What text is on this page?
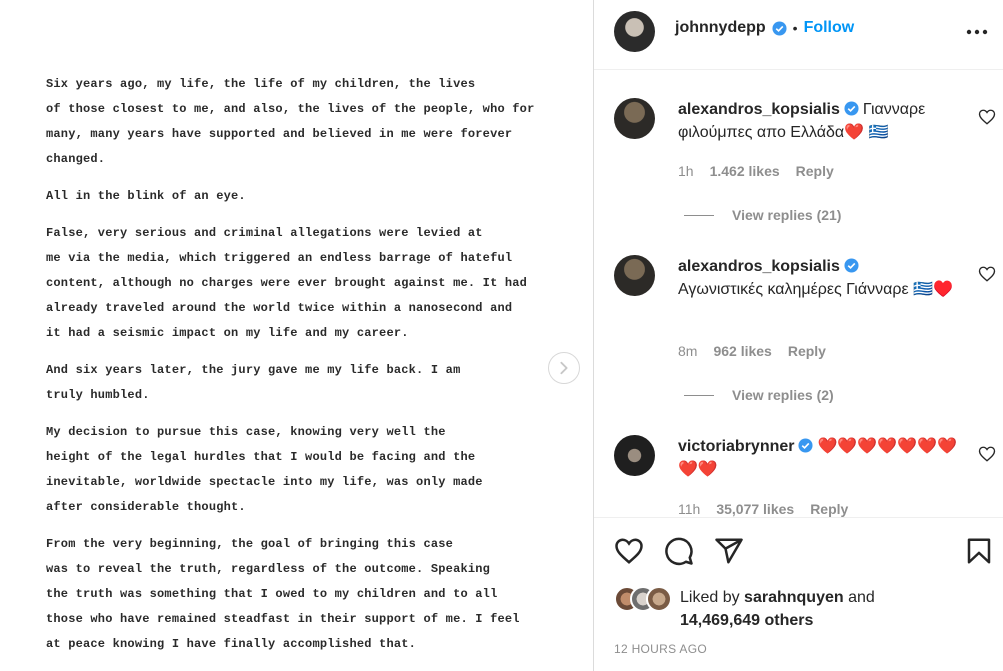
Six years ago, my life, the life of my children, the lives
of those closest to me, and also, the lives of the people, who for
many, many years have supported and believed in me were forever
changed.

All in the blink of an eye.

False, very serious and criminal allegations were levied at
me via the media, which triggered an endless barrage of hateful
content, although no charges were ever brought against me. It had
already traveled around the world twice within a nanosecond and
it had a seismic impact on my life and my career.

And six years later, the jury gave me my life back. I am
truly humbled.

My decision to pursue this case, knowing very well the
height of the legal hurdles that I would be facing and the
inevitable, worldwide spectacle into my life, was only made
after considerable thought.

From the very beginning, the goal of bringing this case
was to reveal the truth, regardless of the outcome. Speaking
the truth was something that I owed to my children and to all
those who have remained steadfast in their support of me. I feel
at peace knowing I have finally accomplished that.

johnnydepp • Follow
alexandros_kopsialis Γιανναρε φιλούμπες απο Ελλάδα❤️ 🇬🇷
1h 1.462 likes Reply
View replies (21)
alexandros_kopsialis
Αγωνιστικές καλημέρες Γιάνναρε 🇬🇷♥️
8m 962 likes Reply
View replies (2)
victoriabrynner ❤️❤️❤️❤️❤️❤️❤️❤️❤️
11h 35,077 likes Reply
Liked by sarahnquyen and
14,469,649 others
12 HOURS AGO
